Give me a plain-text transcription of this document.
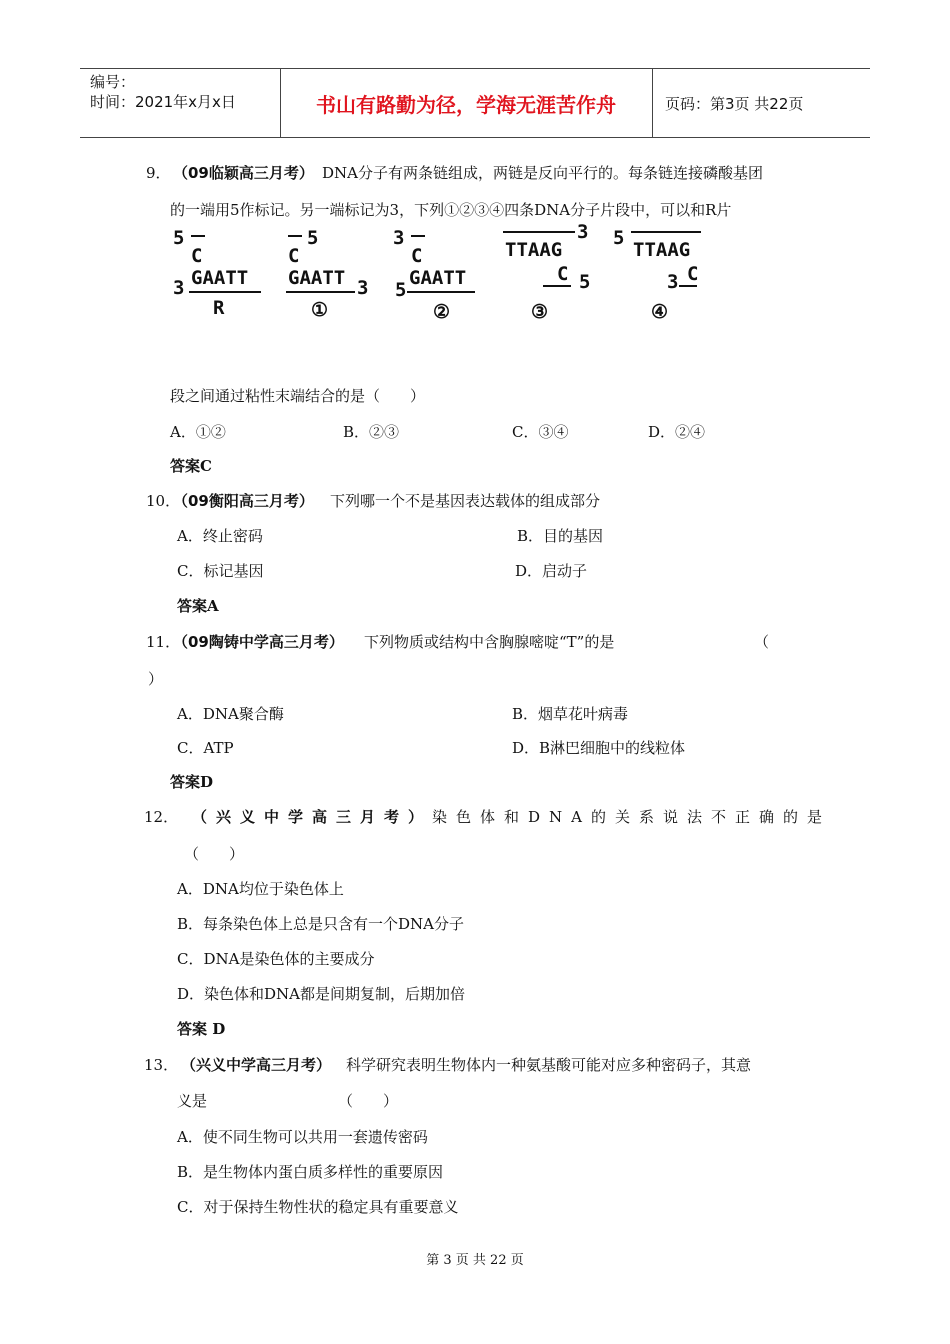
编号：
时间：2021年x月x日	书山有路勤为径，学海无涯苦作舟	页码：第3页 共22页
9． （09临颖高三月考） DNA分子有两条链组成，两链是反向平行的。每条链连接磷酸基团
的一端用5作标记。另一端标记为3，下列①②③④四条DNA分子片段中，可以和R片
5
C
3 GAATT
R
C
5
GAATT 3
①
3
C
5
GAATT
②
TTAAG
3
C 5
③
5
TTAAG
3 C
④
段之间通过粘性末端结合的是（　　）
A．①②	B．②③	C．③④	D．②④
答案C
10．
（09衡阳高三月考） 下列哪一个不是基因表达载体的组成部分
A．终止密码	B．目的基因
C．标记基因	D．启动子
答案A
11．
（09陶铸中学高三月考） 下列物质或结构中含胸腺嘧啶“T”的是	（
）
A．DNA聚合酶	B．烟草花叶病毒
C．ATP	D．B淋巴细胞中的线粒体
答案D
12． （兴义中学高三月考） 染色体和DNA的关系说法不正确的是
（　　）
A．DNA均位于染色体上
B．每条染色体上总是只含有一个DNA分子
C．DNA是染色体的主要成分
D．染色体和DNA都是间期复制，后期加倍
答案 D
13． （兴义中学高三月考） 科学研究表明生物体内一种氨基酸可能对应多种密码子，其意
义是	（　　）
A．使不同生物可以共用一套遗传密码
B．是生物体内蛋白质多样性的重要原因
C．对于保持生物性状的稳定具有重要意义
第 3 页 共 22 页
